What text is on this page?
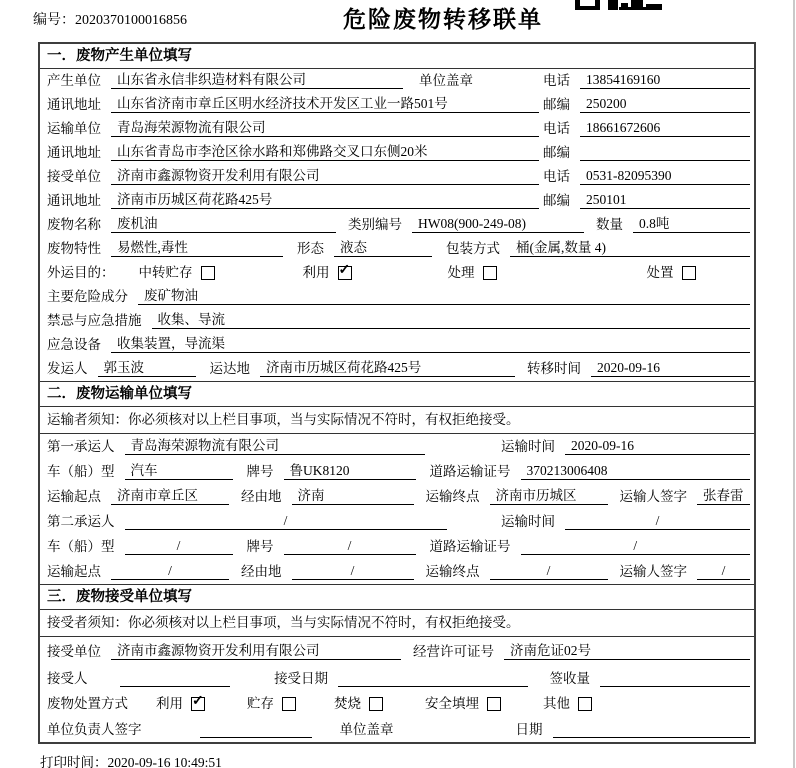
编号：2020370100016856	危险废物转移联单
一．废物产生单位填写
产生单位	山东省永信非织造材料有限公司	单位盖章	电话	13854169160
通讯地址	山东省济南市章丘区明水经济技术开发区工业一路501号	邮编	250200
运输单位	青岛海荣源物流有限公司	电话	18661672606
通讯地址	山东省青岛市李沧区徐水路和郑佛路交叉口东侧20米	邮编
接受单位	济南市鑫源物资开发利用有限公司	电话	0531-82095390
通讯地址	济南市历城区荷花路425号	邮编	250101
废物名称	废机油	类别编号	HW08(900-249-08)	数量	0.8吨
废物特性	易燃性,毒性	形态	液态	包装方式	桶(金属,数量 4)
外运目的： 中转贮存	利用 ✓	处理	处置
主要危险成分	废矿物油
禁忌与应急措施	收集、导流
应急设备	收集装置，导流渠
发运人	郭玉波	运达地	济南市历城区荷花路425号	转移时间	2020-09-16
二．废物运输单位填写
运输者须知：你必须核对以上栏目事项，当与实际情况不符时，有权拒绝接受。
第一承运人	青岛海荣源物流有限公司	运输时间	2020-09-16
车（船）型	汽车	牌号	鲁UK8120	道路运输证号	370213006408
运输起点	济南市章丘区	经由地	济南	运输终点	济南市历城区	运输人签字	张春雷
第二承运人	/	运输时间	/
车（船）型	/	牌号	/	道路运输证号	/
运输起点	/	经由地	/	运输终点	/	运输人签字	/
三．废物接受单位填写
接受者须知：你必须核对以上栏目事项，当与实际情况不符时，有权拒绝接受。
接受单位	济南市鑫源物资开发利用有限公司	经营许可证号	济南危证02号
接受人	接受日期	签收量
废物处置方式 利用 ✓	贮存	焚烧	安全填埋	其他
单位负责人签字	单位盖章	日期
打印时间：2020-09-16 10:49:51
